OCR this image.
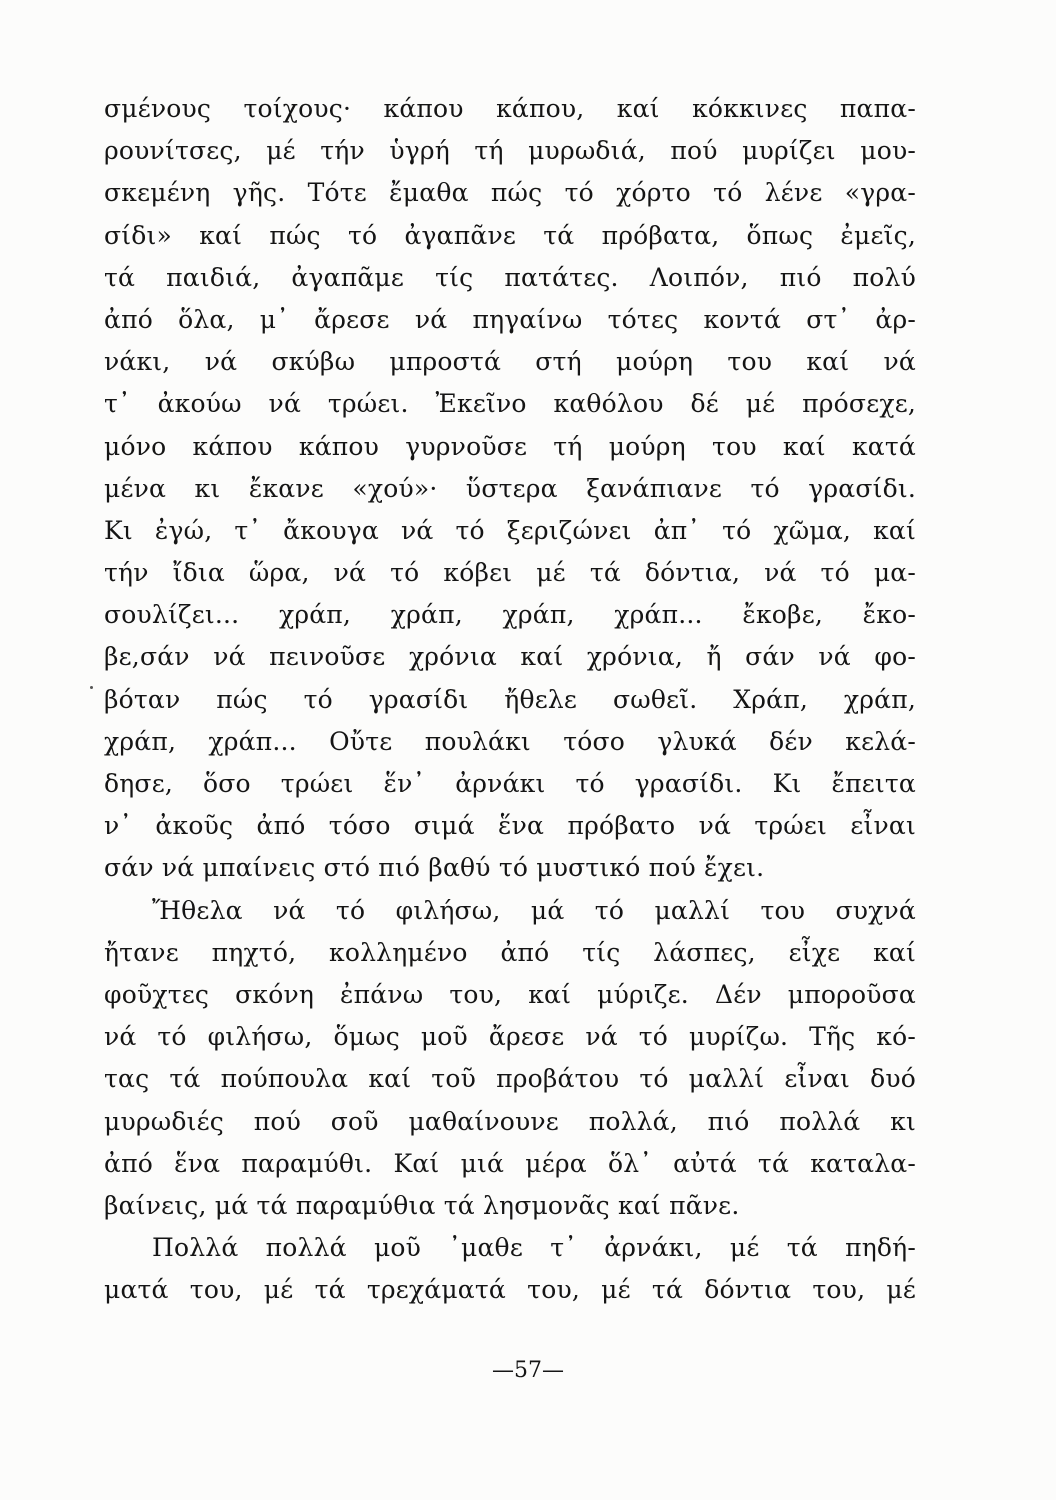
σμένους τοίχους· κάπου κάπου, καί κόκκινες παπα-
ρουνίτσες, μέ τήν ὑγρή τή μυρωδιά, πού μυρίζει μου-
σκεμένη γῆς. Τότε ἔμαθα πώς τό χόρτο τό λένε «γρα-
σίδι» καί πώς τό ἀγαπᾶνε τά πρόβατα, ὅπως ἐμεῖς,
τά παιδιά, ἀγαπᾶμε τίς πατάτες. Λοιπόν, πιό πολύ
ἀπό ὅλα, μ᾽ ἄρεσε νά πηγαίνω τότες κοντά στ᾽ ἀρ-
νάκι, νά σκύβω μπροστά στή μούρη του καί νά
τ᾽ ἀκούω νά τρώει. Ἐκεῖνο καθόλου δέ μέ πρόσεχε,
μόνο κάπου κάπου γυρνοῦσε τή μούρη του καί κατά
μένα κι ἔκανε «χού»· ὕστερα ξανάπιανε τό γρασίδι.
Κι ἐγώ, τ᾽ ἄκουγα νά τό ξεριζώνει ἀπ᾽ τό χῶμα, καί
τήν ἴδια ὥρα, νά τό κόβει μέ τά δόντια, νά τό μα-
σουλίζει... χράπ, χράπ, χράπ, χράπ... ἔκοβε, ἔκο-
βε,σάν νά πεινοῦσε χρόνια καί χρόνια, ἤ σάν νά φο-
βόταν πώς τό γρασίδι ἤθελε σωθεῖ. Χράπ, χράπ,
χράπ, χράπ... Οὔτε πουλάκι τόσο γλυκά δέν κελά-
δησε, ὅσο τρώει ἕν᾽ ἀρνάκι τό γρασίδι. Κι ἔπειτα
ν᾽ ἀκοῦς ἀπό τόσο σιμά ἕνα πρόβατο νά τρώει εἶναι
σάν νά μπαίνεις στό πιό βαθύ τό μυστικό πού ἔχει.
Ἤθελα νά τό φιλήσω, μά τό μαλλί του συχνά
ἤτανε πηχτό, κολλημένο ἀπό τίς λάσπες, εἶχε καί
φοῦχτες σκόνη ἐπάνω του, καί μύριζε. Δέν μποροῦσα
νά τό φιλήσω, ὅμως μοῦ ἄρεσε νά τό μυρίζω. Τῆς κό-
τας τά πούπουλα καί τοῦ προβάτου τό μαλλί εἶναι δυό
μυρωδιές πού σοῦ μαθαίνουνε πολλά, πιό πολλά κι
ἀπό ἕνα παραμύθι. Καί μιά μέρα ὅλ᾽ αὐτά τά καταλα-
βαίνεις, μά τά παραμύθια τά λησμονᾶς καί πᾶνε.
Πολλά πολλά μοῦ ᾽μαθε τ᾽ ἀρνάκι, μέ τά πηδή-
ματά του, μέ τά τρεχάματά του, μέ τά δόντια του, μέ
—57—
